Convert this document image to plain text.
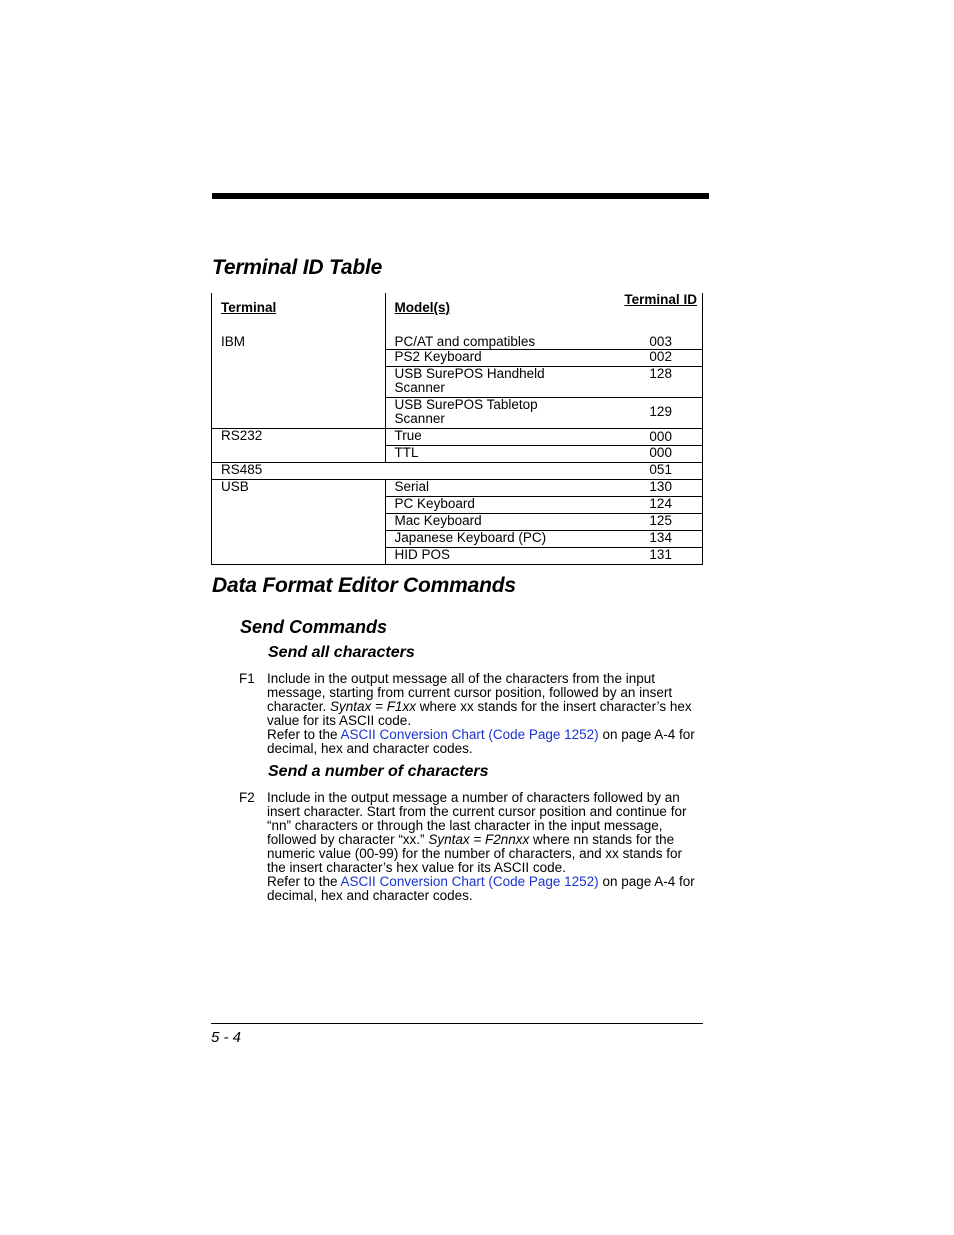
Terminal ID Table
Terminal	Model(s)	Terminal ID
IBM	PC/AT and compatibles	003
	PS2 Keyboard	002
	USB SurePOS Handheld Scanner	128
	USB SurePOS Tabletop Scanner	129
RS232	True	000
	TTL	000
RS485		051
USB	Serial	130
	PC Keyboard	124
	Mac Keyboard	125
	Japanese Keyboard (PC)	134
	HID POS	131
Data Format Editor Commands
Send Commands
Send all characters
F1 Include in the output message all of the characters from the input message, starting from current cursor position, followed by an insert character. Syntax = F1xx where xx stands for the insert character’s hex value for its ASCII code.
Refer to the ASCII Conversion Chart (Code Page 1252) on page A-4 for decimal, hex and character codes.
Send a number of characters
F2 Include in the output message a number of characters followed by an insert character. Start from the current cursor position and continue for “nn” characters or through the last character in the input message, followed by character “xx.” Syntax = F2nnxx where nn stands for the numeric value (00-99) for the number of characters, and xx stands for the insert character’s hex value for its ASCII code.
Refer to the ASCII Conversion Chart (Code Page 1252) on page A-4 for decimal, hex and character codes.
5 - 4
